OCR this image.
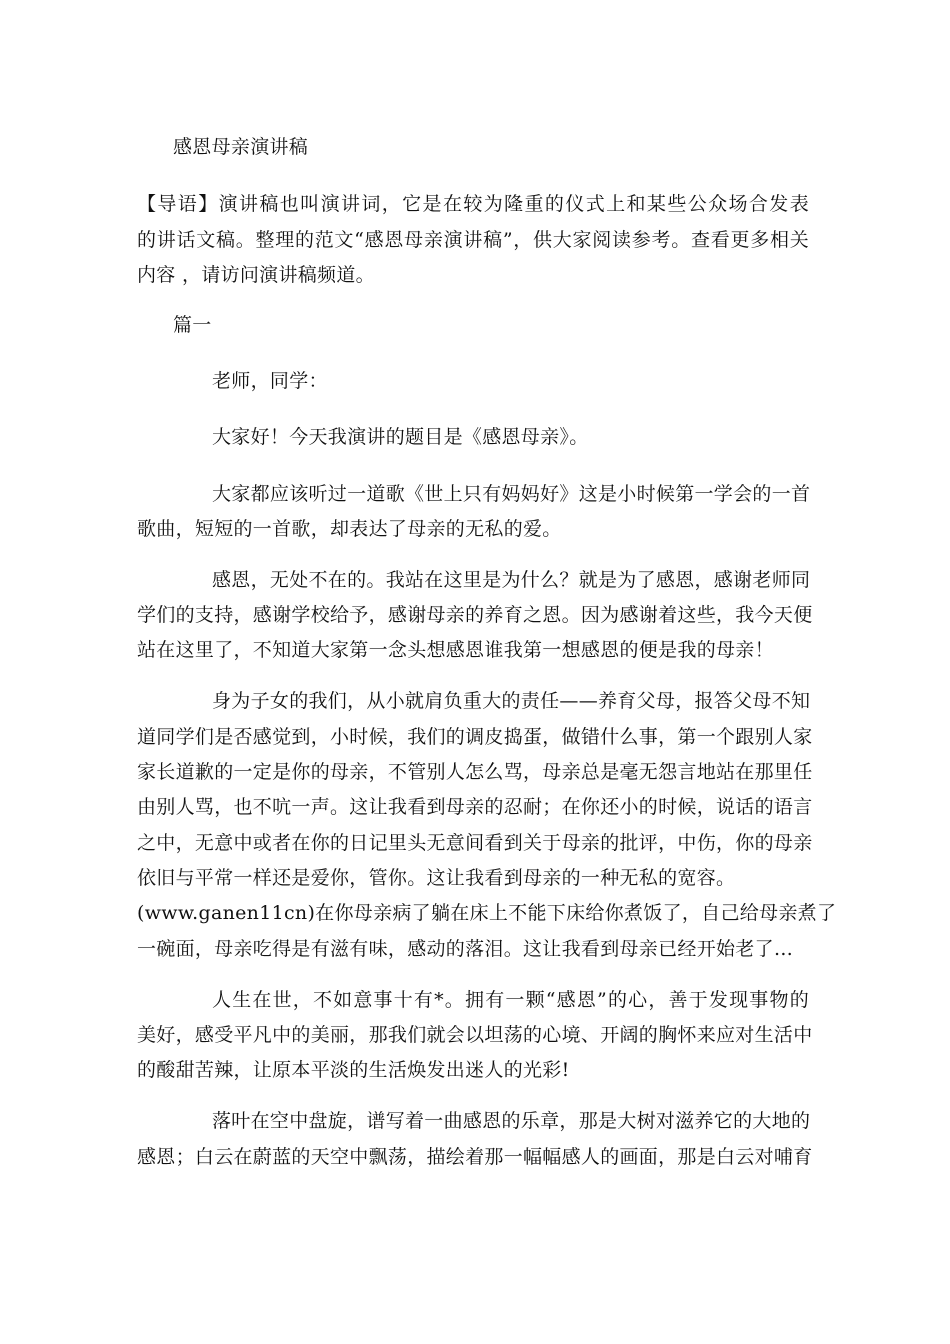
感恩母亲演讲稿
【导语】演讲稿也叫演讲词，它是在较为隆重的仪式上和某些公众场合发表
的讲话文稿。整理的范文“感恩母亲演讲稿”，供大家阅读参考。查看更多相关
内容 ，请访问演讲稿频道。
篇一
老师，同学：
大家好！今天我演讲的题目是《感恩母亲》。
大家都应该听过一道歌《世上只有妈妈好》这是小时候第一学会的一首
歌曲，短短的一首歌，却表达了母亲的无私的爱。
感恩，无处不在的。我站在这里是为什么？就是为了感恩，感谢老师同
学们的支持，感谢学校给予，感谢母亲的养育之恩。因为感谢着这些，我今天便
站在这里了，不知道大家第一念头想感恩谁我第一想感恩的便是我的母亲！
身为子女的我们，从小就肩负重大的责任——养育父母，报答父母不知
道同学们是否感觉到，小时候，我们的调皮捣蛋，做错什么事，第一个跟别人家
家长道歉的一定是你的母亲，不管别人怎么骂，母亲总是毫无怨言地站在那里任
由别人骂，也不吭一声。这让我看到母亲的忍耐；在你还小的时候，说话的语言
之中，无意中或者在你的日记里头无意间看到关于母亲的批评，中伤，你的母亲
依旧与平常一样还是爱你，管你。这让我看到母亲的一种无私的宽容。
(www.ganen11cn)在你母亲病了躺在床上不能下床给你煮饭了，自己给母亲煮了
一碗面，母亲吃得是有滋有味，感动的落泪。这让我看到母亲已经开始老了…
人生在世，不如意事十有*。拥有一颗“感恩”的心，善于发现事物的
美好，感受平凡中的美丽，那我们就会以坦荡的心境、开阔的胸怀来应对生活中
的酸甜苦辣，让原本平淡的生活焕发出迷人的光彩!
落叶在空中盘旋，谱写着一曲感恩的乐章，那是大树对滋养它的大地的
感恩；白云在蔚蓝的天空中飘荡，描绘着那一幅幅感人的画面，那是白云对哺育
